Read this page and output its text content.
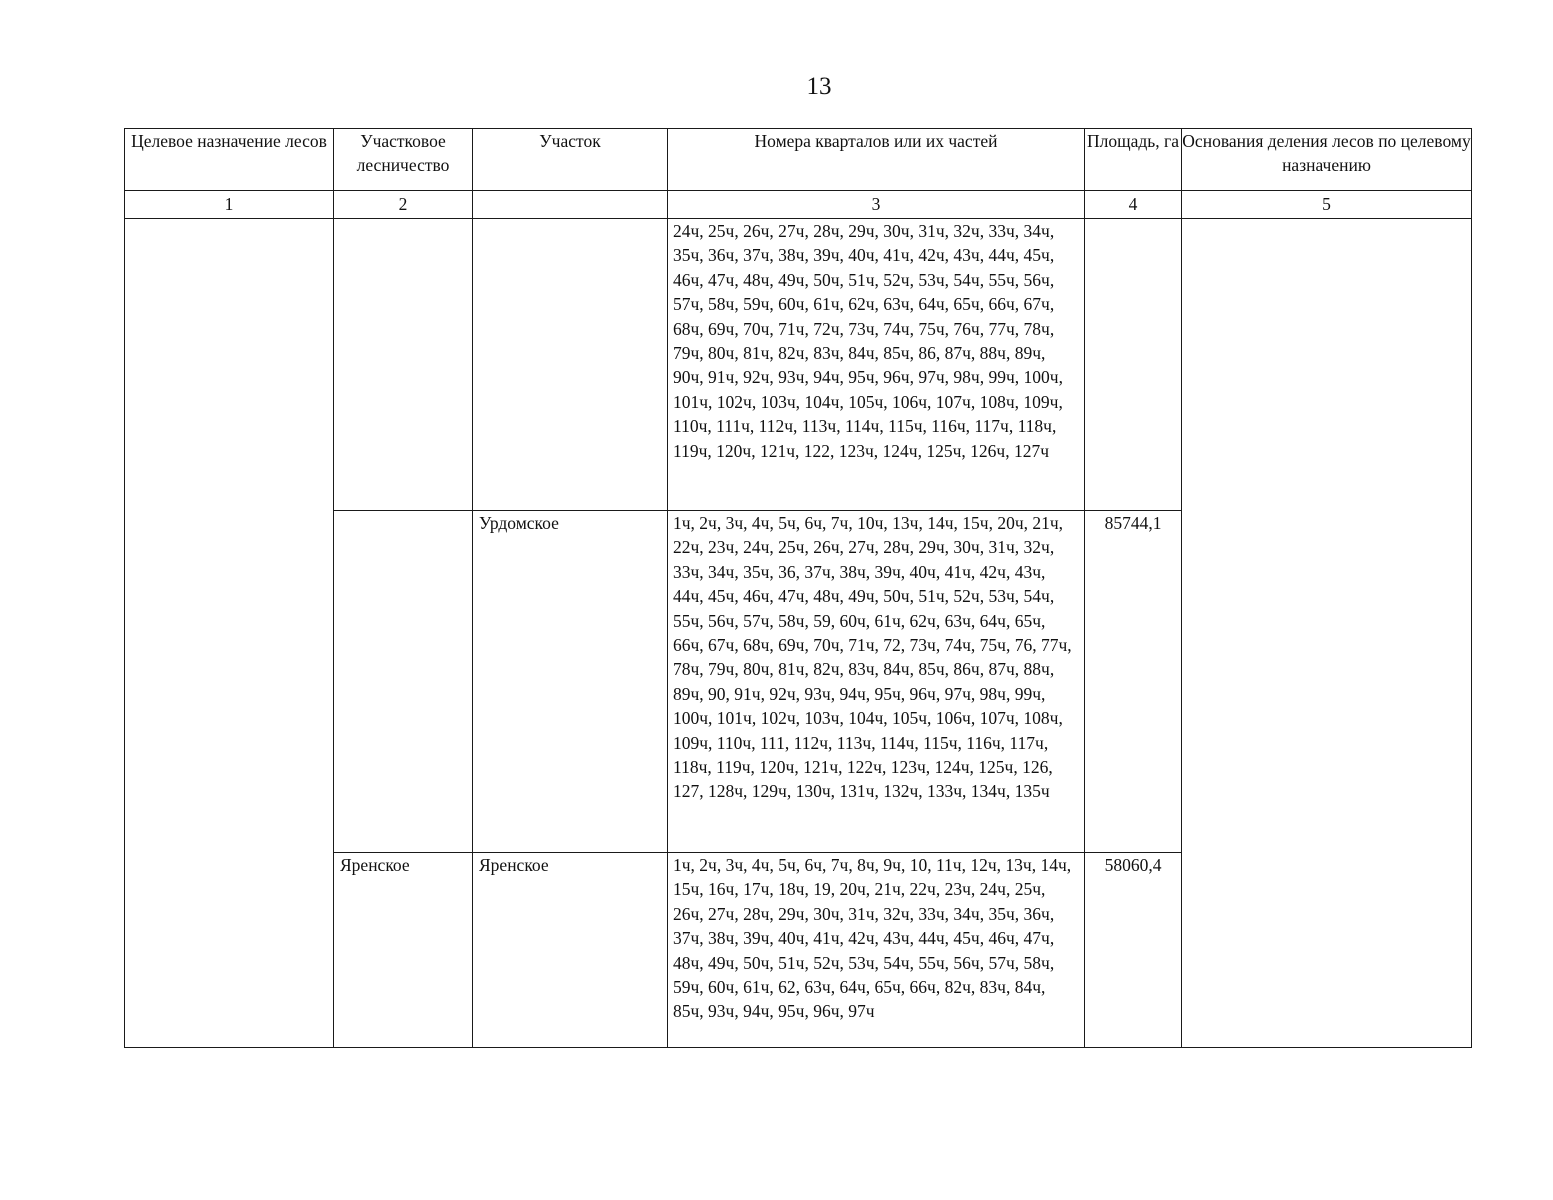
13
Целевое назначение лесов	Участковое лесничество	Участок	Номера кварталов или их частей	Площадь, га	Основания деления лесов по целевому назначению
1	2		3	4	5
			24ч, 25ч, 26ч, 27ч, 28ч, 29ч, 30ч, 31ч, 32ч, 33ч, 34ч, 35ч, 36ч, 37ч, 38ч, 39ч, 40ч, 41ч, 42ч, 43ч, 44ч, 45ч, 46ч, 47ч, 48ч, 49ч, 50ч, 51ч, 52ч, 53ч, 54ч, 55ч, 56ч, 57ч, 58ч, 59ч, 60ч, 61ч, 62ч, 63ч, 64ч, 65ч, 66ч, 67ч, 68ч, 69ч, 70ч, 71ч, 72ч, 73ч, 74ч, 75ч, 76ч, 77ч, 78ч, 79ч, 80ч, 81ч, 82ч, 83ч, 84ч, 85ч, 86, 87ч, 88ч, 89ч, 90ч, 91ч, 92ч, 93ч, 94ч, 95ч, 96ч, 97ч, 98ч, 99ч, 100ч, 101ч, 102ч, 103ч, 104ч, 105ч, 106ч, 107ч, 108ч, 109ч, 110ч, 111ч, 112ч, 113ч, 114ч, 115ч, 116ч, 117ч, 118ч, 119ч, 120ч, 121ч, 122, 123ч, 124ч, 125ч, 126ч, 127ч		
		Урдомское	1ч, 2ч, 3ч, 4ч, 5ч, 6ч, 7ч, 10ч, 13ч, 14ч, 15ч, 20ч, 21ч, 22ч, 23ч, 24ч, 25ч, 26ч, 27ч, 28ч, 29ч, 30ч, 31ч, 32ч, 33ч, 34ч, 35ч, 36, 37ч, 38ч, 39ч, 40ч, 41ч, 42ч, 43ч, 44ч, 45ч, 46ч, 47ч, 48ч, 49ч, 50ч, 51ч, 52ч, 53ч, 54ч, 55ч, 56ч, 57ч, 58ч, 59, 60ч, 61ч, 62ч, 63ч, 64ч, 65ч, 66ч, 67ч, 68ч, 69ч, 70ч, 71ч, 72, 73ч, 74ч, 75ч, 76, 77ч, 78ч, 79ч, 80ч, 81ч, 82ч, 83ч, 84ч, 85ч, 86ч, 87ч, 88ч, 89ч, 90, 91ч, 92ч, 93ч, 94ч, 95ч, 96ч, 97ч, 98ч, 99ч, 100ч, 101ч, 102ч, 103ч, 104ч, 105ч, 106ч, 107ч, 108ч, 109ч, 110ч, 111, 112ч, 113ч, 114ч, 115ч, 116ч, 117ч, 118ч, 119ч, 120ч, 121ч, 122ч, 123ч, 124ч, 125ч, 126, 127, 128ч, 129ч, 130ч, 131ч, 132ч, 133ч, 134ч, 135ч	85744,1	
	Яренское	Яренское	1ч, 2ч, 3ч, 4ч, 5ч, 6ч, 7ч, 8ч, 9ч, 10, 11ч, 12ч, 13ч, 14ч, 15ч, 16ч, 17ч, 18ч, 19, 20ч, 21ч, 22ч, 23ч, 24ч, 25ч, 26ч, 27ч, 28ч, 29ч, 30ч, 31ч, 32ч, 33ч, 34ч, 35ч, 36ч, 37ч, 38ч, 39ч, 40ч, 41ч, 42ч, 43ч, 44ч, 45ч, 46ч, 47ч, 48ч, 49ч, 50ч, 51ч, 52ч, 53ч, 54ч, 55ч, 56ч, 57ч, 58ч, 59ч, 60ч, 61ч, 62, 63ч, 64ч, 65ч, 66ч, 82ч, 83ч, 84ч, 85ч, 93ч, 94ч, 95ч, 96ч, 97ч	58060,4	
